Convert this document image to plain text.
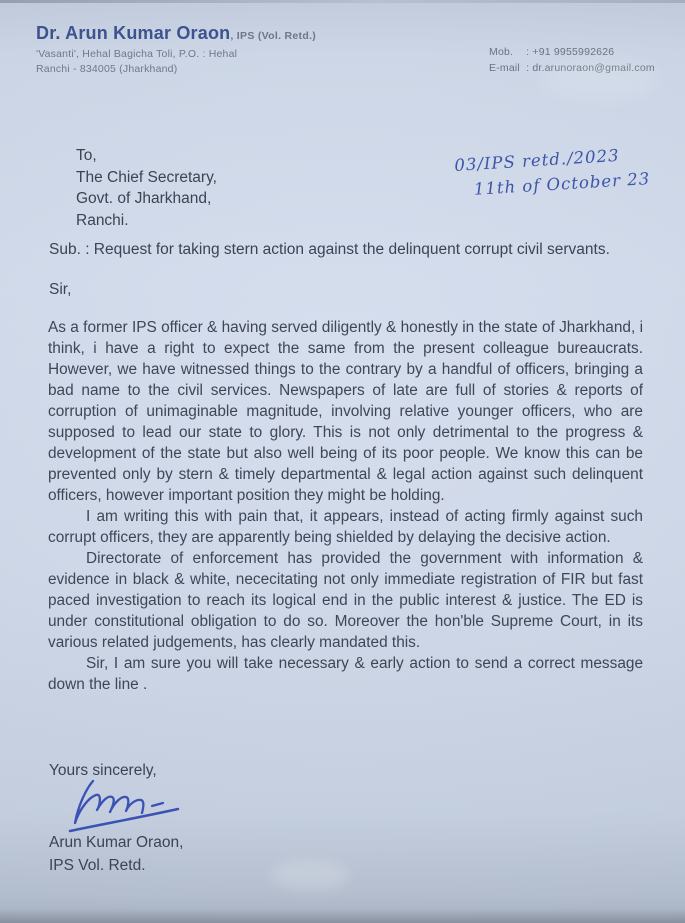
Dr. Arun Kumar Oraon, IPS (Vol. Retd.)
'Vasanti', Hehal Bagicha Toli, P.O. : Hehal
Ranchi - 834005 (Jharkhand)
Mob. : +91 9955992626
E-mail : dr.arunoraon@gmail.com
To,
The Chief Secretary,
Govt. of Jharkhand,
Ranchi.
03/IPS retd./2023
11th of October 23
Sub. : Request for taking stern action against the delinquent corrupt civil servants.
Sir,

As a former IPS officer & having served diligently & honestly in the state of Jharkhand, i think, i have a right to expect the same from the present colleague bureaucrats. However, we have witnessed things to the contrary by a handful of officers, bringing a bad name to the civil services. Newspapers of late are full of stories & reports of corruption of unimaginable magnitude, involving relative younger officers, who are supposed to lead our state to glory. This is not only detrimental to the progress & development of the state but also well being of its poor people. We know this can be prevented only by stern & timely departmental & legal action against such delinquent officers, however important position they might be holding.

I am writing this with pain that, it appears, instead of acting firmly against such corrupt officers, they are apparently being shielded by delaying the decisive action.

Directorate of enforcement has provided the government with information & evidence in black & white, nececitating not only immediate registration of FIR but fast paced investigation to reach its logical end in the public interest & justice. The ED is under constitutional obligation to do so. Moreover the hon'ble Supreme Court, in its various related judgements, has clearly mandated this.

Sir, I am sure you will take necessary & early action to send a correct message down the line .

Yours sincerely,
Arun Kumar Oraon,
IPS Vol. Retd.
